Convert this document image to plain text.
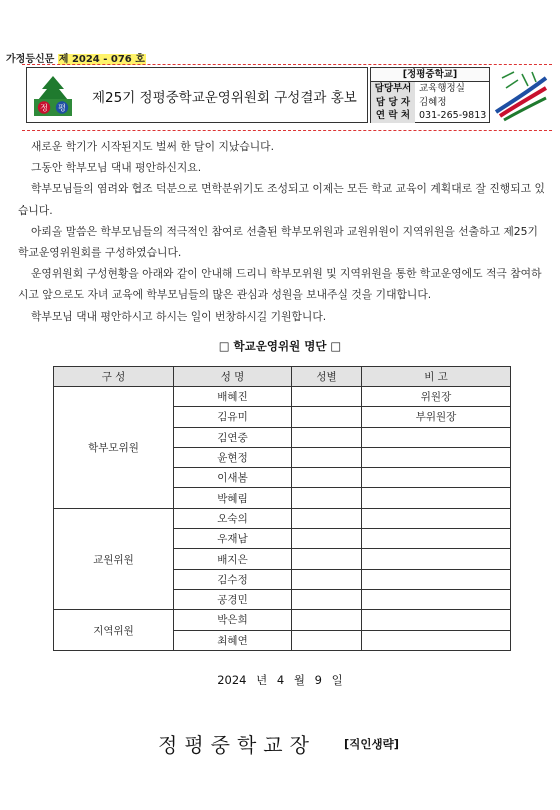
가정등신문 제 2024 - 076 호
정 평
제25기 정평중학교운영위원회 구성결과 홍보
[정평중학교]
담당부서 교육행정실
담 당 자 김혜정
연 락 처 031-265-9813

새로운 학기가 시작된지도 벌써 한 달이 지났습니다.

그동안 학부모님 댁내 평안하신지요.

학부모님들의 염려와 협조 덕분으로 면학분위기도 조성되고 이제는 모든 학교 교육이 계획대로 잘 진행되고 있습니다.

아뢰올 말씀은 학부모님들의 적극적인 참여로 선출된 학부모위원과 교원위원이 지역위원을 선출하고 제25기 학교운영위원회를 구성하였습니다.

운영위원회 구성현황을 아래와 같이 안내해 드리니 학부모위원 및 지역위원을 통한 학교운영에도 적극 참여하시고 앞으로도 자녀 교육에 학부모님들의 많은 관심과 성원을 보내주실 것을 기대합니다.

학부모님 댁내 평안하시고 하시는 일이 번창하시길 기원합니다.

□ 학교운영위원 명단 □
구 성	성 명	성별	비 고
학부모위원	배혜진		위원장
	김유미		부위원장
	김연중		
	윤현정		
	이새봄		
	박혜림		
교원위원	오숙의		
	우재남		
	배지은		
	김수정		
	공경민		
지역위원	박은희		
	최혜연		
2024 년 4 월 9 일
정평중학교장 [직인생략]
